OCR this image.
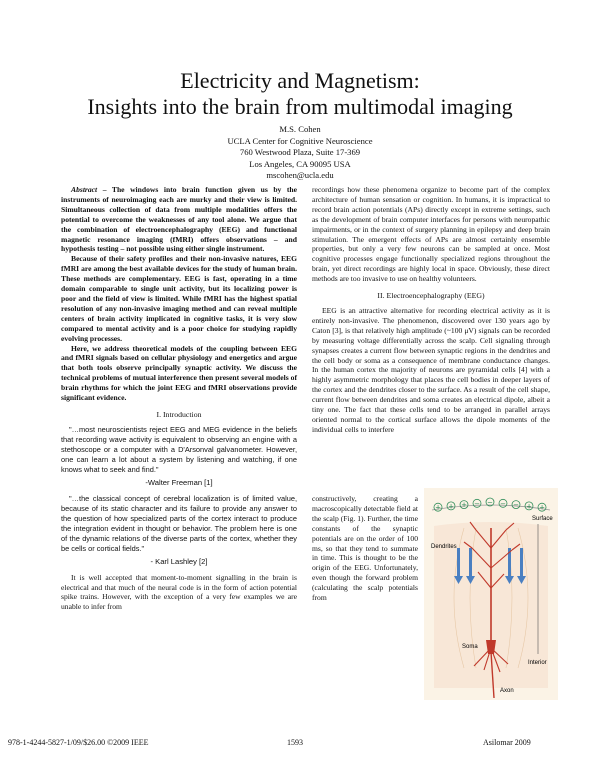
Electricity and Magnetism:
Insights into the brain from multimodal imaging
M.S. Cohen
UCLA Center for Cognitive Neuroscience
760 Westwood Plaza, Suite 17-369
Los Angeles, CA 90095 USA
mscohen@ucla.edu

Abstract – The windows into brain function given us by the instruments of neuroimaging each are murky and their view is limited. Simultaneous collection of data from multiple modalities offers the potential to overcome the weaknesses of any tool alone. We argue that the combination of electroencephalography (EEG) and functional magnetic resonance imaging (fMRI) offers observations – and hypothesis testing – not possible using either single instrument.

Because of their safety profiles and their non-invasive natures, EEG fMRI are among the best available devices for the study of human brain. These methods are complementary. EEG is fast, operating in a time domain comparable to single unit activity, but its localizing power is poor and the field of view is limited. While fMRI has the highest spatial resolution of any non-invasive imaging method and can reveal multiple centers of brain activity implicated in cognitive tasks, it is very slow compared to mental activity and is a poor choice for studying rapidly evolving processes.

Here, we address theoretical models of the coupling between EEG and fMRI signals based on cellular physiology and energetics and argue that both tools observe principally synaptic activity. We discuss the technical problems of mutual interference then present several models of brain rhythms for which the joint EEG and fMRI observations provide significant evidence.

I. Introduction

"…most neuroscientists reject EEG and MEG evidence in the beliefs that recording wave activity is equivalent to observing an engine with a stethoscope or a computer with a D'Arsonval galvanometer. However, one can learn a lot about a system by listening and watching, if one knows what to seek and find."

-Walter Freeman [1]

"…the classical concept of cerebral localization is of limited value, because of its static character and its failure to provide any answer to the question of how specialized parts of the cortex interact to produce the integration evident in thought or behavior. The problem here is one of the dynamic relations of the diverse parts of the cortex, whether they be cells or cortical fields."

- Karl Lashley [2]

It is well accepted that moment-to-moment signalling in the brain is electrical and that much of the neural code is in the form of action potential spike trains. However, with the exception of a very few examples we are unable to infer from

recordings how these phenomena organize to become part of the complex architecture of human sensation or cognition. In humans, it is impractical to record brain action potentials (APs) directly except in extreme settings, such as the development of brain computer interfaces for persons with neuropathic impairments, or in the context of surgery planning in epilepsy and deep brain stimulation. The emergent effects of APs are almost certainly ensemble properties, but only a very few neurons can be sampled at once. Most cognitive processes engage functionally specialized regions throughout the brain, yet direct recordings are highly local in space. Obviously, these direct methods are too invasive to use on healthy volunteers.

II. Electroencephalography (EEG)

EEG is an attractive alternative for recording electrical activity as it is entirely non-invasive. The phenomenon, discovered over 130 years ago by Caton [3], is that relatively high amplitude (~100 μV) signals can be recorded by measuring voltage differentially across the scalp. Cell signaling through synapses creates a current flow between synaptic regions in the dendrites and the cell body or soma as a consequence of membrane conductance changes. In the human cortex the majority of neurons are pyramidal cells [4] with a highly asymmetric morphology that places the cell bodies in deeper layers of the cortex and the dendrites closer to the surface. As a result of the cell shape, current flow between dendrites and soma creates an electrical dipole, albeit a tiny one. The fact that these cells tend to be arranged in parallel arrays oriented normal to the cortical surface allows the dipole moments of the individual cells to interfere

constructively, creating a macroscopically detectable field at the scalp (Fig. 1). Further, the time constants of the synaptic potentials are on the order of 100 ms, so that they tend to summate in time. This is thought to be the origin of the EEG. Unfortunately, even though the forward problem (calculating the scalp potentials from

+ + + − − − − + +
Dendrites
Surface
Soma
Interior
Axon
978-1-4244-5827-1/09/$26.00 ©2009 IEEE	1593	Asilomar 2009
